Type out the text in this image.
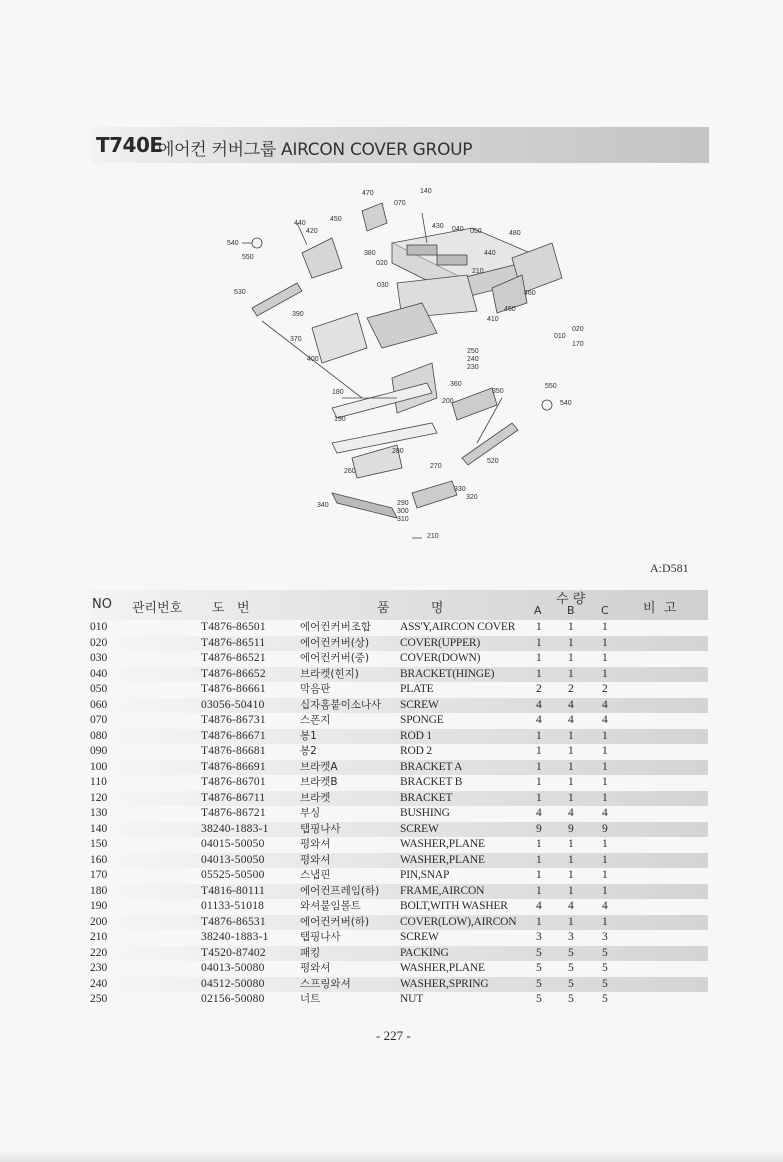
T740E
에어컨 커버그룹 AIRCON COVER GROUP
470	140
070
450
440
420
430 040 050	480
540
550
380
020
440
210
030
530	460
450
410
390
370
400
010
020
170
250
240
230
360
350
550
540
180
200
190
280
270
520
260
330
320
340	290
300
310
210
A:D581
NO 관리번호 도   번	품          명
수 량
A B C	비  고
010	T4876-86501	에어컨커버조합	ASS'Y,AIRCON COVER 1 1 1
020	T4876-86511	에어컨커버(상)	COVER(UPPER)	1 1 1
030	T4876-86521	에어컨커버(중)	COVER(DOWN)	1 1 1
040	T4876-86652	브라켓(힌지)	BRACKET(HINGE)	1 1 1
050	T4876-86661	막음판	PLATE	2 2 2
060	03056-50410	십자홈붙이소나사 SCREW	4 4 4
070	T4876-86731	스폰지	SPONGE	4 4 4
080	T4876-86671	봉1	ROD 1	1 1 1
090	T4876-86681	봉2	ROD 2	1 1 1
100	T4876-86691	브라켓A	BRACKET A	1 1 1
110	T4876-86701	브라켓B	BRACKET B	1 1 1
120	T4876-86711	브라켓	BRACKET	1 1 1
130	T4876-86721	부싱	BUSHING	4 4 4
140	38240-1883-1	탭핑나사	SCREW	9 9 9
150	04015-50050	평와셔	WASHER,PLANE	1 1 1
160	04013-50050	평와셔	WASHER,PLANE	1 1 1
170	05525-50500	스냅핀	PIN,SNAP	1 1 1
180	T4816-80111	에어컨프레임(하) FRAME,AIRCON	1 1 1
190	01133-51018	와셔붙임볼트	BOLT,WITH WASHER 4 4 4
200	T4876-86531	에어컨커버(하)	COVER(LOW),AIRCON 1 1 1
210	38240-1883-1	탭핑나사	SCREW	3 3 3
220	T4520-87402	패킹	PACKING	5 5 5
230	04013-50080	평와셔	WASHER,PLANE	5 5 5
240	04512-50080	스프링와셔	WASHER,SPRING	5 5 5
250	02156-50080	너트	NUT	5 5 5
- 227 -
